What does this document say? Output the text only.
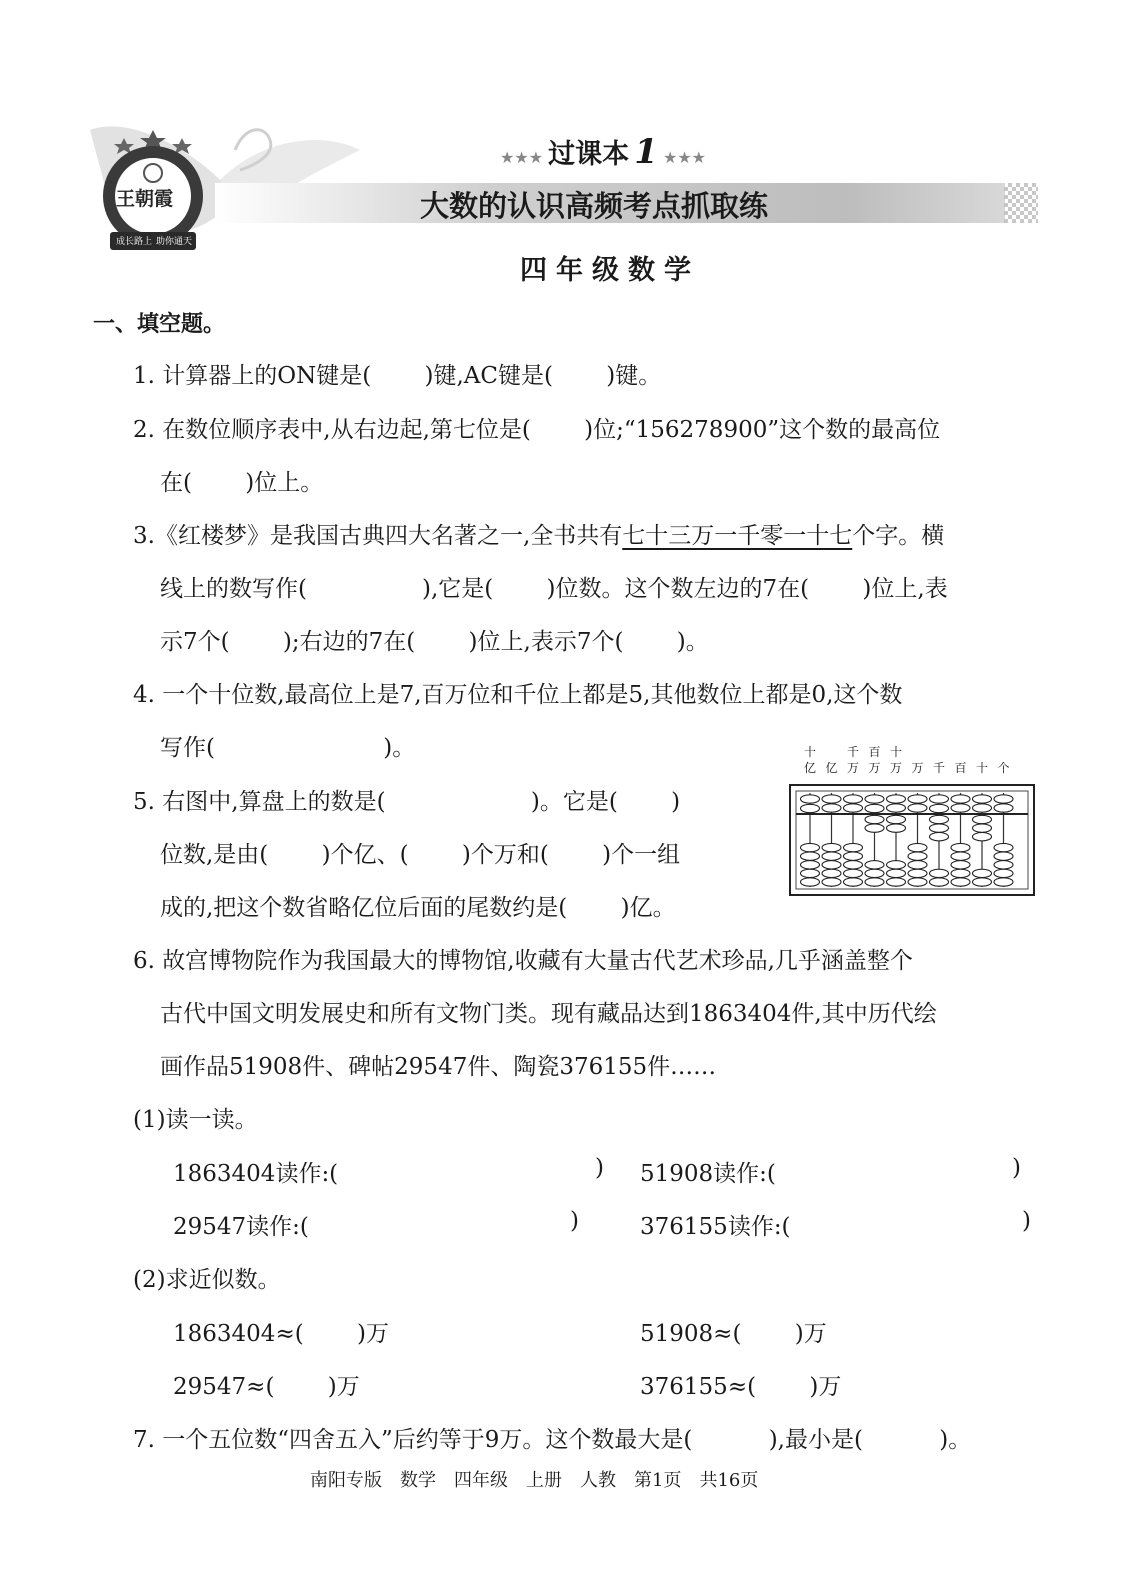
王朝霞
成长路上 助你通天
★★★ 过课本 1 ★★★
大数的认识高频考点抓取练
四年级数学
一、填空题。
1. 计算器上的ON键是(　　 )键,AC键是(　　 )键。
2. 在数位顺序表中,从右边起,第七位是(　　 )位;“156278900”这个数的最高位
在(　　 )位上。
3.《红楼梦》是我国古典四大名著之一,全书共有七十三万一千零一十七个字。横
线上的数写作(　　　　　),它是(　　 )位数。这个数左边的7在(　　 )位上,表
示7个(　　 );右边的7在(　　 )位上,表示7个(　　 )。
4. 一个十位数,最高位上是7,百万位和千位上都是5,其他数位上都是0,这个数
写作(　　　　　　　 )。
5. 右图中,算盘上的数是(　　　　　　 )。它是(　　 )
位数,是由(　　 )个亿、(　　 )个万和(　　 )个一组
成的,把这个数省略亿位后面的尾数约是(　　 )亿。
十	千 百 十
亿 亿 万 万 万 万 千 百 十 个
6. 故宫博物院作为我国最大的博物馆,收藏有大量古代艺术珍品,几乎涵盖整个
古代中国文明发展史和所有文物门类。现有藏品达到1863404件,其中历代绘
画作品51908件、碑帖29547件、陶瓷376155件……
(1)读一读。
1863404读作:(	) 51908读作:(	)
29547读作:(	)	376155读作:(	)
(2)求近似数。
1863404≈(　　 )万	51908≈(　　 )万
29547≈(　　 )万	376155≈(　　 )万
7. 一个五位数“四舍五入”后约等于9万。这个数最大是(　　　 ),最小是(　　　 )。
南阳专版　数学　四年级　上册　人教　第1页　共16页
